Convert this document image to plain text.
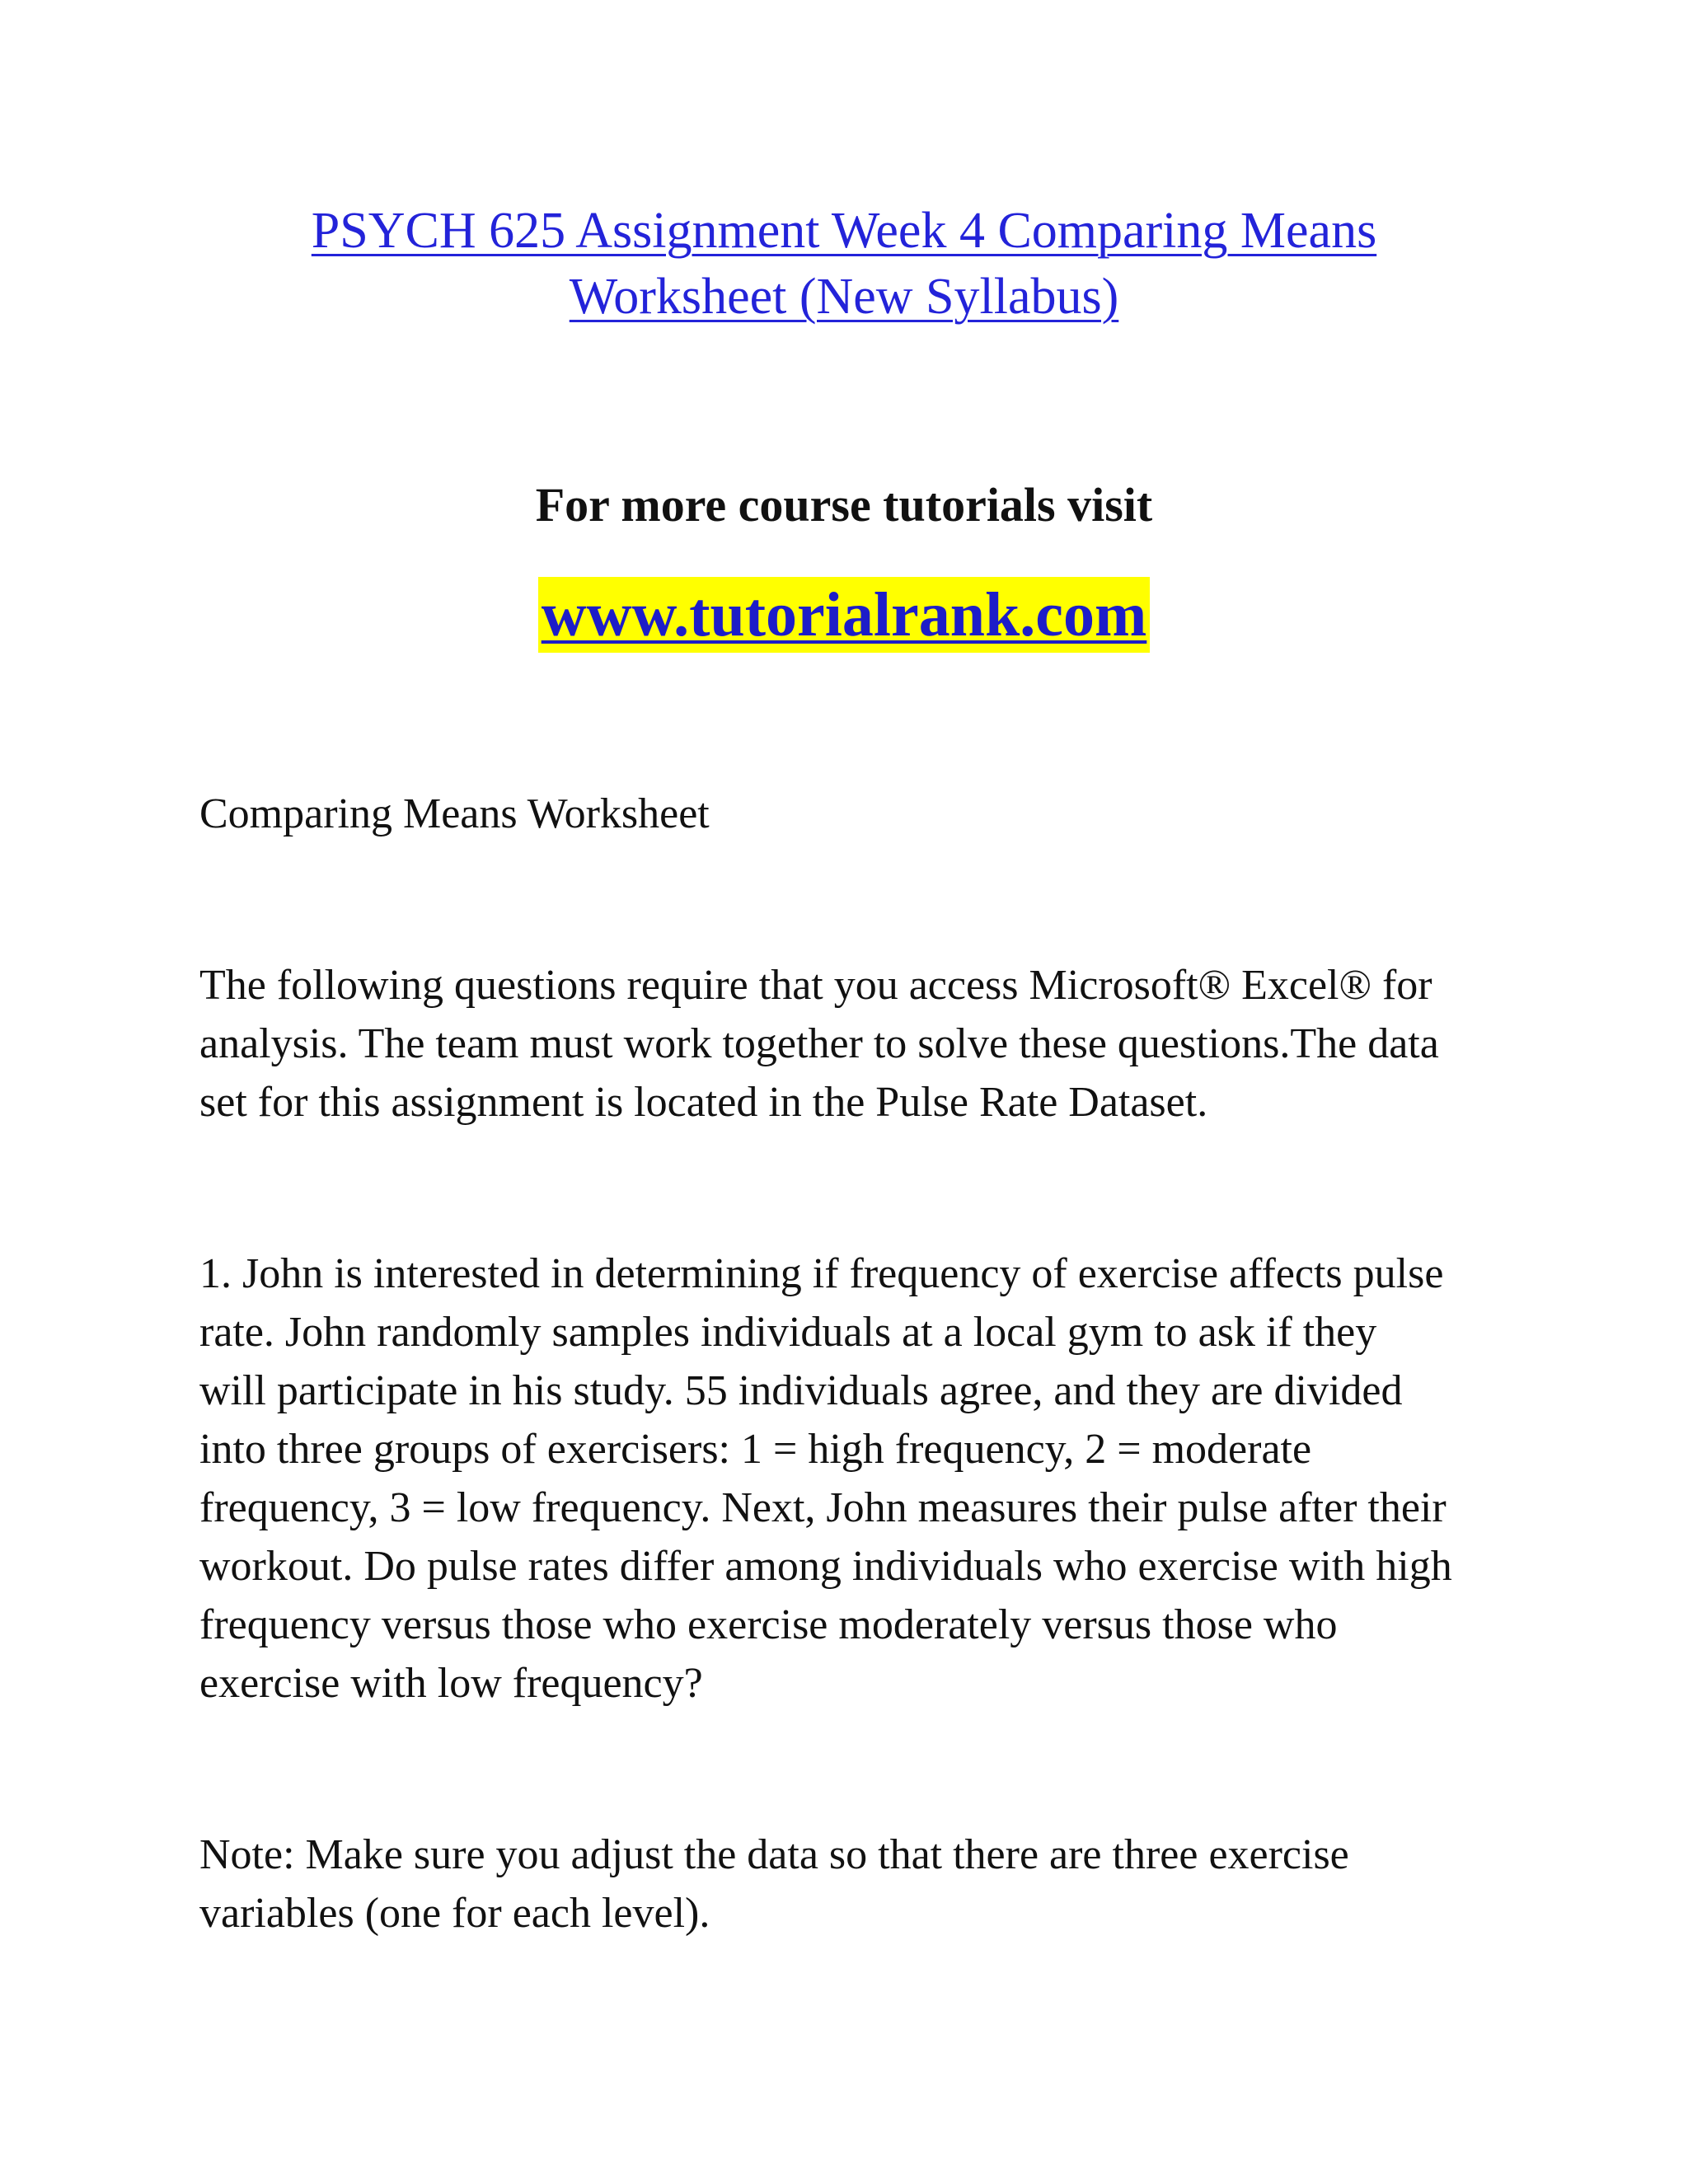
PSYCH 625 Assignment Week 4 Comparing Means
Worksheet (New Syllabus)

For more course tutorials visit

www.tutorialrank.com

Comparing Means Worksheet

The following questions require that you access Microsoft® Excel® for
analysis. The team must work together to solve these questions.The data
set for this assignment is located in the Pulse Rate Dataset.

1. John is interested in determining if frequency of exercise affects pulse
rate. John randomly samples individuals at a local gym to ask if they
will participate in his study. 55 individuals agree, and they are divided
into three groups of exercisers: 1 = high frequency, 2 = moderate
frequency, 3 = low frequency. Next, John measures their pulse after their
workout. Do pulse rates differ among individuals who exercise with high
frequency versus those who exercise moderately versus those who
exercise with low frequency?

Note: Make sure you adjust the data so that there are three exercise
variables (one for each level).
